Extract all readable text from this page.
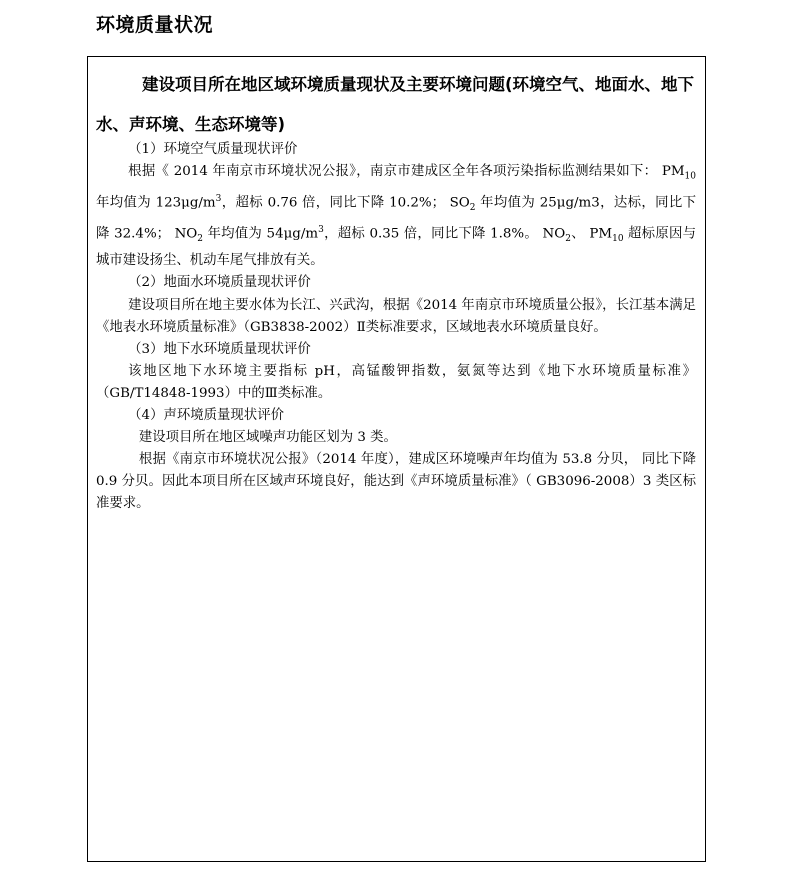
环境质量状况
建设项目所在地区域环境质量现状及主要环境问题(环境空气、地面水、地下水、声环境、生态环境等)

（1）环境空气质量现状评价

根据《 2014 年南京市环境状况公报》，南京市建成区全年各项污染指标监测结果如下： $PM_{10}$ 年均值为 $123\mu g/m^3$，超标 0.76 倍，同比下降 10.2%； $SO_2$ 年均值为 25μg/m3，达标，同比下降 32.4%； $NO_2$ 年均值为 $54\mu g/m^3$，超标 0.35 倍，同比下降 1.8%。 $NO_2$、 $PM_{10}$ 超标原因与城市建设扬尘、机动车尾气排放有关。

（2）地面水环境质量现状评价

建设项目所在地主要水体为长江、兴武沟，根据《2014 年南京市环境质量公报》，长江基本满足《地表水环境质量标准》（GB3838-2002）Ⅱ类标准要求，区域地表水环境质量良好。

（3）地下水环境质量现状评价

该地区地下水环境主要指标 pH，高锰酸钾指数，氨氮等达到《地下水环境质量标准》（GB/T14848-1993）中的Ⅲ类标准。

（4）声环境质量现状评价

建设项目所在地区域噪声功能区划为 3 类。

根据《南京市环境状况公报》（2014 年度），建成区环境噪声年均值为 53.8 分贝， 同比下降 0.9 分贝。因此本项目所在区域声环境良好，能达到《声环境质量标准》（ GB3096-2008）3 类区标准要求。
